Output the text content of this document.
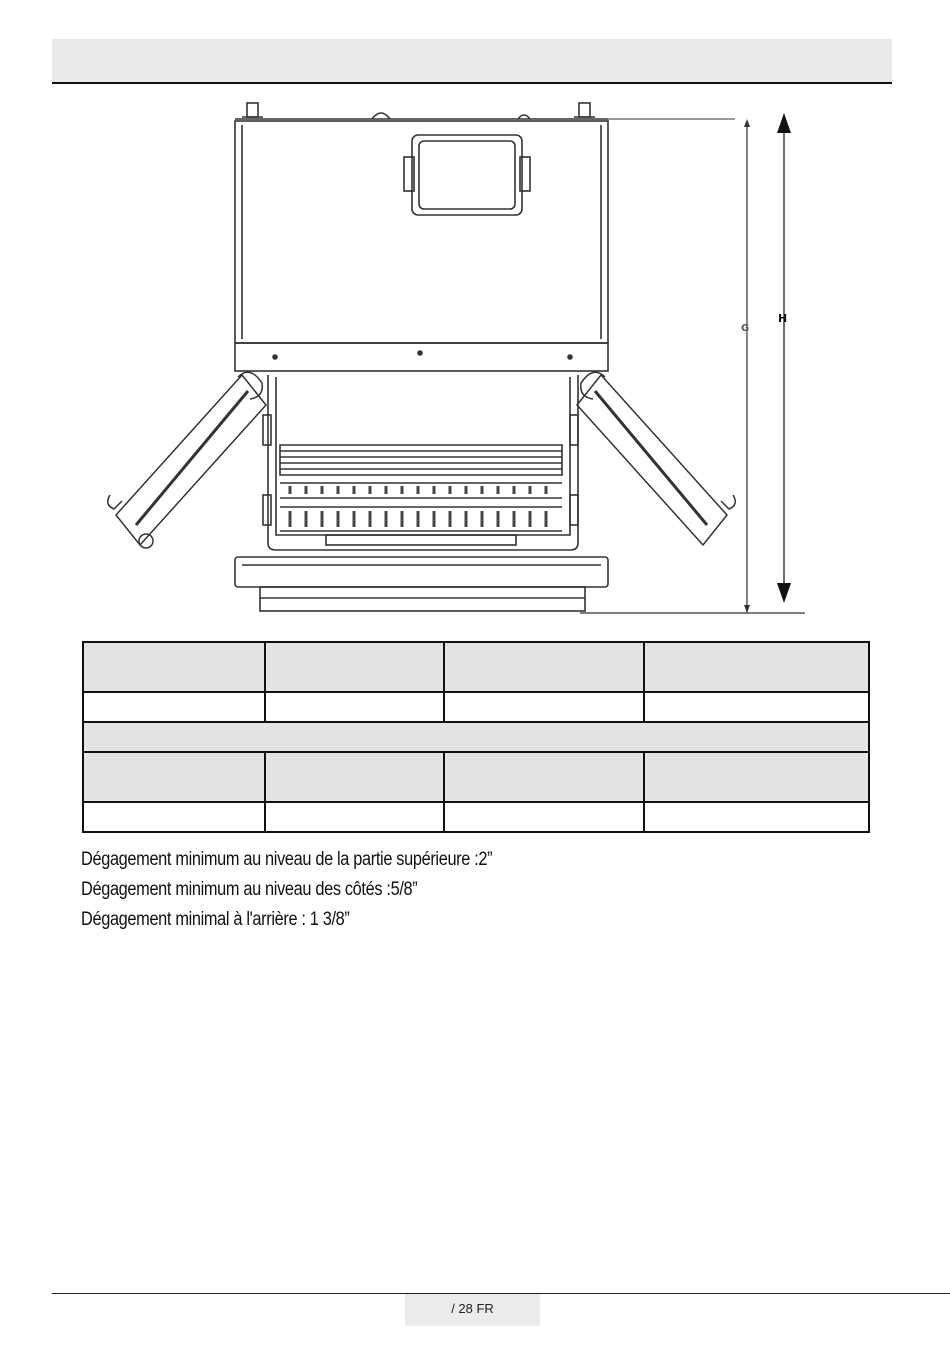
G
H

Dégagement minimum au niveau de la partie supérieure :2”
Dégagement minimum au niveau des côtés :5/8”
Dégagement minimal à l'arrière : 1 3/8”
/ 28 FR
